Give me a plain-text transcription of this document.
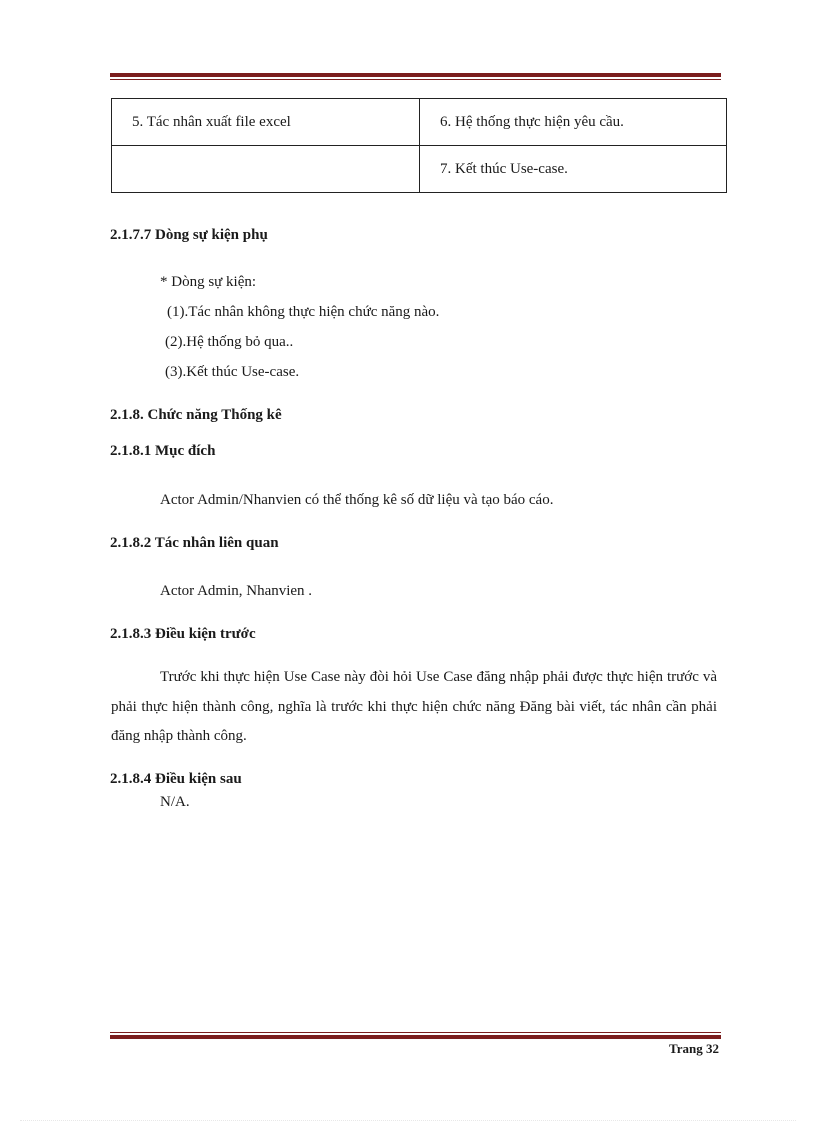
5. Tác nhân xuất file excel	6. Hệ thống thực hiện yêu cầu.
	7. Kết thúc Use-case.
2.1.7.7 Dòng sự kiện phụ
* Dòng sự kiện:
(1).Tác nhân không thực hiện chức năng nào.
(2).Hệ thống bỏ qua..
(3).Kết thúc Use-case.
2.1.8. Chức năng Thống kê
2.1.8.1 Mục đích
Actor Admin/Nhanvien có thể thống kê số dữ liệu và tạo báo cáo.
2.1.8.2 Tác nhân liên quan
Actor Admin, Nhanvien .
2.1.8.3 Điều kiện trước
Trước khi thực hiện Use Case này đòi hỏi Use Case đăng nhập phải được thực hiện trước và phải thực hiện thành công, nghĩa là trước khi thực hiện chức năng Đăng bài viết, tác nhân cần phải đăng nhập thành công.
2.1.8.4 Điều kiện sau
N/A.
Trang 32
